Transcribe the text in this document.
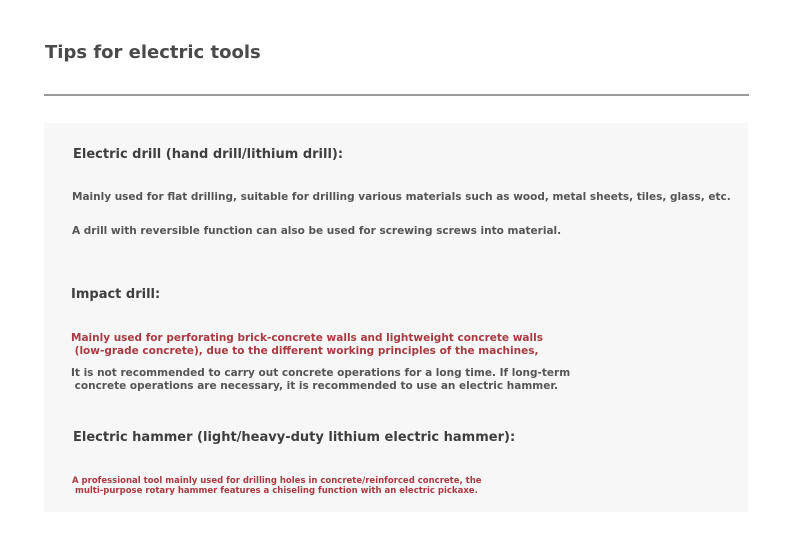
Tips for electric tools
Electric drill (hand drill/lithium drill):

Mainly used for flat drilling, suitable for drilling various materials such as wood, metal sheets, tiles, glass, etc.

A drill with reversible function can also be used for screwing screws into material.

Impact drill:

Mainly used for perforating brick-concrete walls and lightweight concrete walls
(low-grade concrete), due to the different working principles of the machines,

It is not recommended to carry out concrete operations for a long time. If long-term
concrete operations are necessary, it is recommended to use an electric hammer.

Electric hammer (light/heavy-duty lithium electric hammer):

A professional tool mainly used for drilling holes in concrete/reinforced concrete, the
multi-purpose rotary hammer features a chiseling function with an electric pickaxe.
